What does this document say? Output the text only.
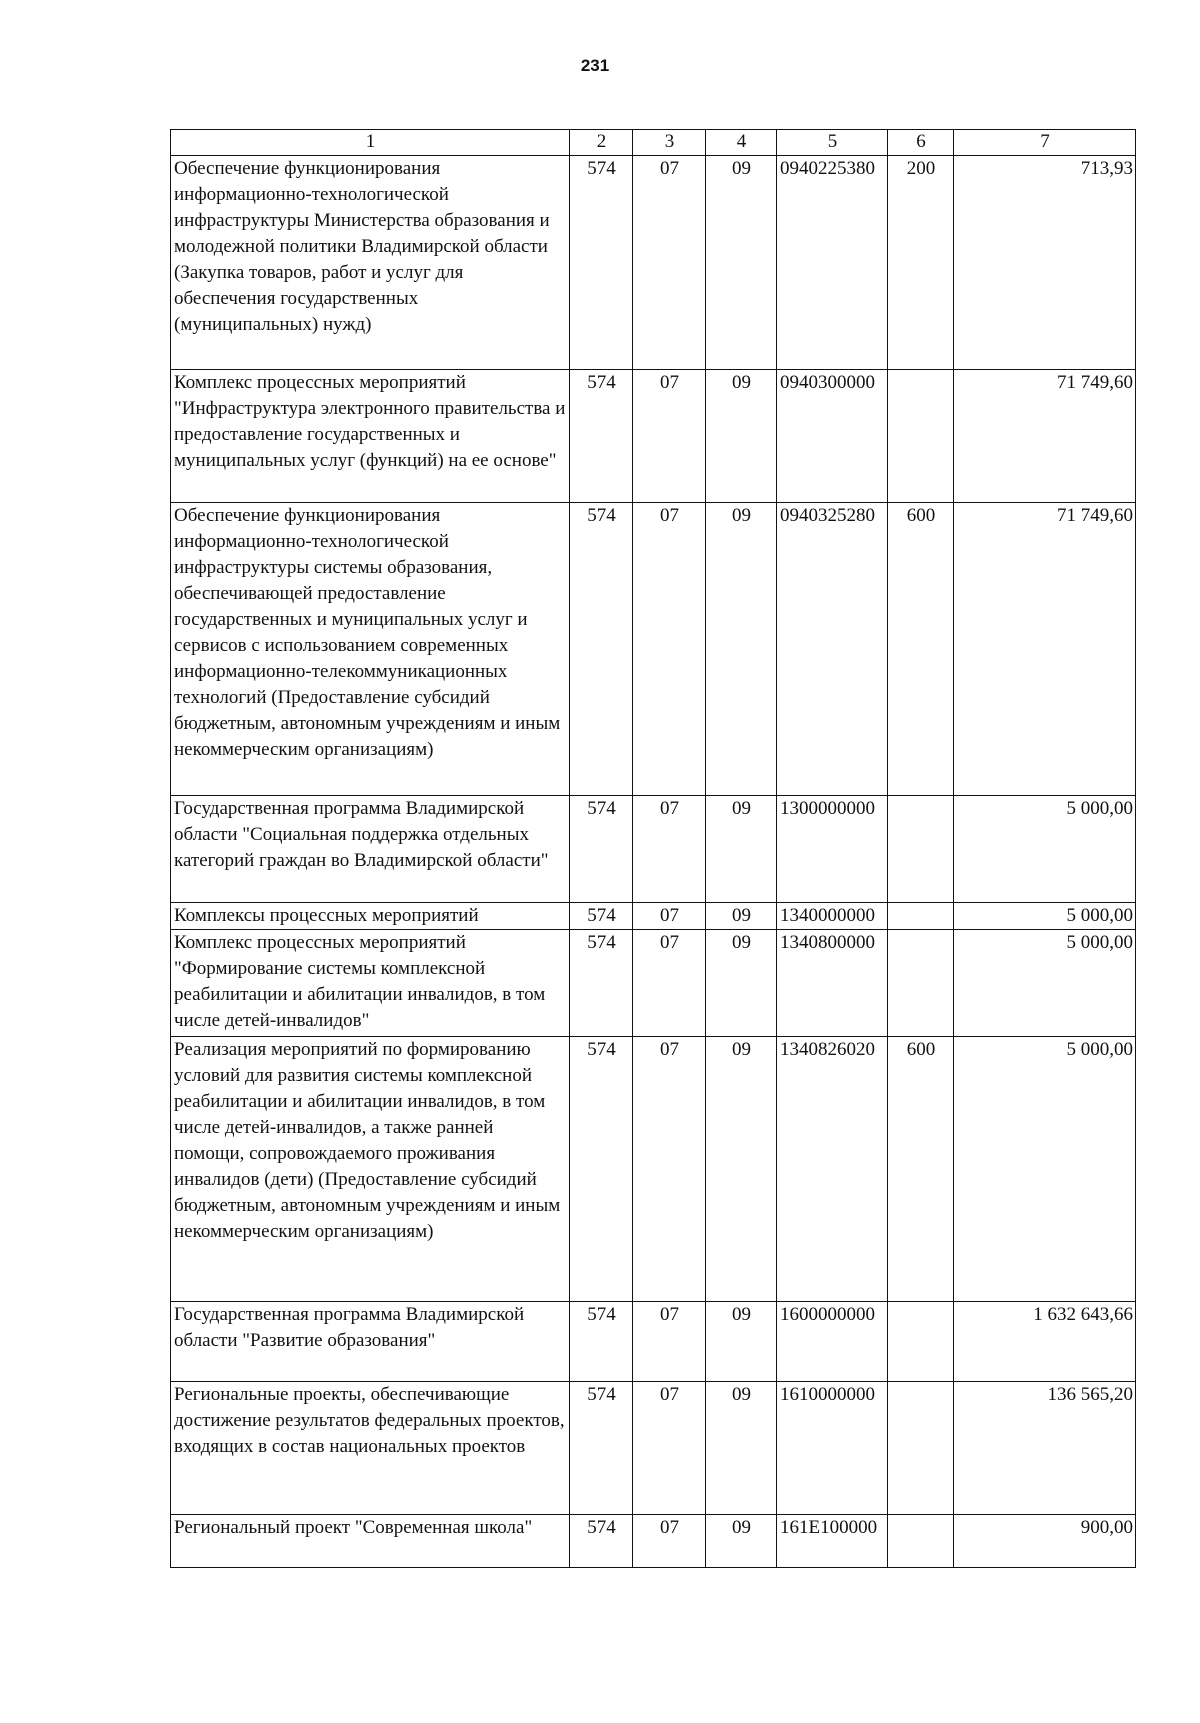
231
1	2	3	4	5	6	7
Обеспечение функционирования информационно-технологической инфраструктуры Министерства образования и молодежной политики Владимирской области (Закупка товаров, работ и услуг для обеспечения государственных (муниципальных) нужд)	574	07	09	0940225380	200	713,93
Комплекс процессных мероприятий "Инфраструктура электронного правительства и предоставление государственных и муниципальных услуг (функций) на ее основе"	574	07	09	0940300000		71 749,60
Обеспечение функционирования информационно-технологической инфраструктуры системы образования, обеспечивающей предоставление государственных и муниципальных услуг и сервисов с использованием современных информационно-телекоммуникационных технологий (Предоставление субсидий бюджетным, автономным учреждениям и иным некоммерческим организациям)	574	07	09	0940325280	600	71 749,60
Государственная программа Владимирской области "Социальная поддержка отдельных категорий граждан во Владимирской области"	574	07	09	1300000000		5 000,00
Комплексы процессных мероприятий	574	07	09	1340000000		5 000,00
Комплекс процессных мероприятий "Формирование системы комплексной реабилитации и абилитации инвалидов, в том числе детей-инвалидов"	574	07	09	1340800000		5 000,00
Реализация мероприятий по формированию условий для развития системы комплексной реабилитации и абилитации инвалидов, в том числе детей-инвалидов, а также ранней помощи, сопровождаемого проживания инвалидов (дети) (Предоставление субсидий бюджетным, автономным учреждениям и иным некоммерческим организациям)	574	07	09	1340826020	600	5 000,00
Государственная программа Владимирской области "Развитие образования"	574	07	09	1600000000		1 632 643,66
Региональные проекты, обеспечивающие достижение результатов федеральных проектов, входящих в состав национальных проектов	574	07	09	1610000000		136 565,20
Региональный проект "Современная школа"	574	07	09	161E100000		900,00
